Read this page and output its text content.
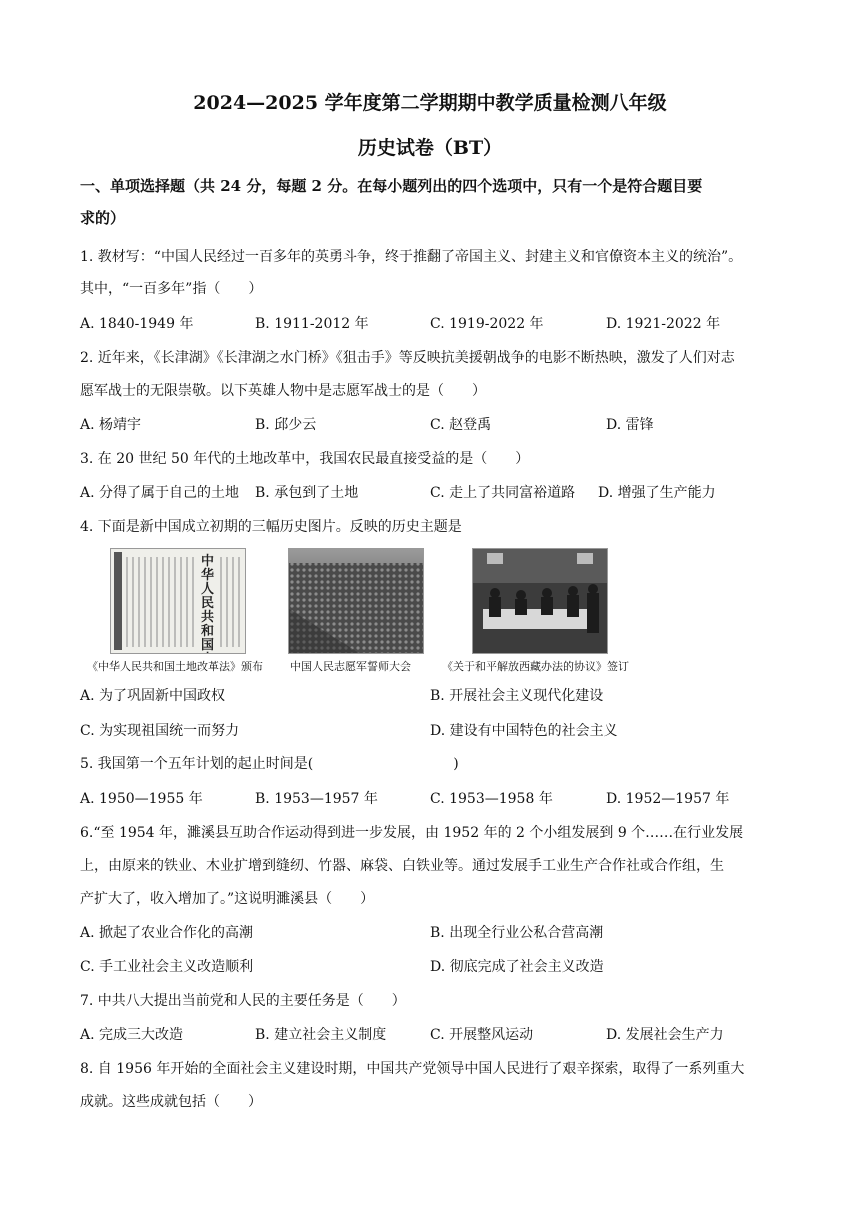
2024—2025 学年度第二学期期中教学质量检测八年级
历史试卷（BT）
一、单项选择题（共 24 分，每题 2 分。在每小题列出的四个选项中，只有一个是符合题目要
求的）
1. 教材写：“中国人民经过一百多年的英勇斗争，终于推翻了帝国主义、封建主义和官僚资本主义的统治”。
其中，“一百多年”指（　　）
A. 1840-1949 年	B. 1911-2012 年	C. 1919-2022 年	D. 1921-2022 年
2. 近年来，《长津湖》《长津湖之水门桥》《狙击手》等反映抗美援朝战争的电影不断热映，激发了人们对志
愿军战士的无限崇敬。以下英雄人物中是志愿军战士的是（　　）
A. 杨靖宇	B. 邱少云	C. 赵登禹	D. 雷锋
3. 在 20 世纪 50 年代的土地改革中，我国农民最直接受益的是（　　）
A. 分得了属于自己的土地 B. 承包到了土地	C. 走上了共同富裕道路 D. 增强了生产能力
4. 下面是新中国成立初期的三幅历史图片。反映的历史主题是
中华人民共和国
《中华人民共和国土地改革法》颁布 中国人民志愿军誓师大会	《关于和平解放西藏办法的协议》签订
A. 为了巩固新中国政权	B. 开展社会主义现代化建设
C. 为实现祖国统一而努力	D. 建设有中国特色的社会主义
5. 我国第一个五年计划的起止时间是(　　　　　　　　　　)
A. 1950—1955 年	B. 1953—1957 年	C. 1953—1958 年	D. 1952—1957 年
6.“至 1954 年，濉溪县互助合作运动得到进一步发展，由 1952 年的 2 个小组发展到 9 个……在行业发展
上，由原来的铁业、木业扩增到缝纫、竹器、麻袋、白铁业等。通过发展手工业生产合作社或合作组，生
产扩大了，收入增加了。”这说明濉溪县（　　）
A. 掀起了农业合作化的高潮	B. 出现全行业公私合营高潮
C. 手工业社会主义改造顺利	D. 彻底完成了社会主义改造
7. 中共八大提出当前党和人民的主要任务是（　　）
A. 完成三大改造	B. 建立社会主义制度	C. 开展整风运动	D. 发展社会生产力
8. 自 1956 年开始的全面社会主义建设时期，中国共产党领导中国人民进行了艰辛探索，取得了一系列重大
成就。这些成就包括（　　）
